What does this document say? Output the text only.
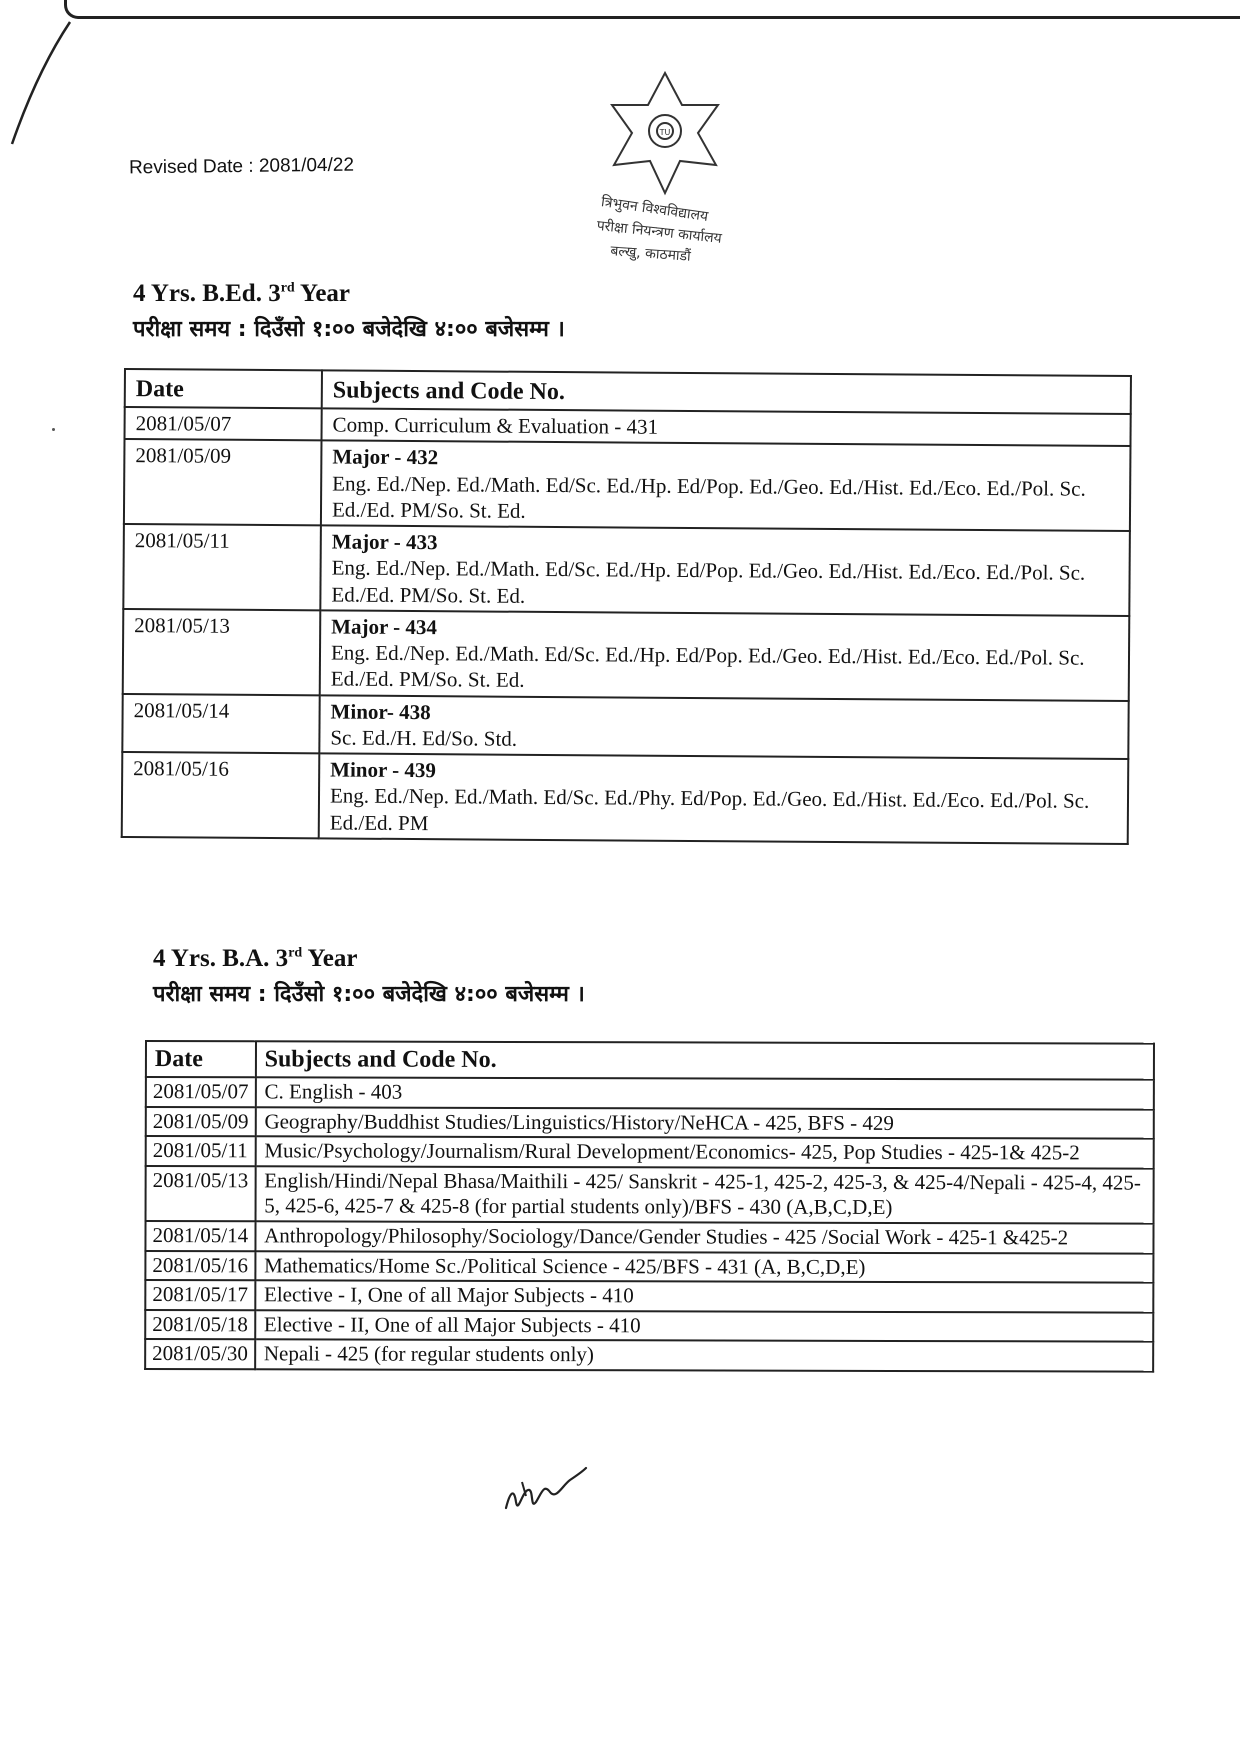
Revised Date : 2081/04/22
TU
त्रिभुवन विश्वविद्यालय
परीक्षा नियन्त्रण कार्यालय
बल्खु, काठमाडौं
4 Yrs. B.Ed. 3rd Year
परीक्षा समय : दिउँसो १:०० बजेदेखि ४:०० बजेसम्म ।
Date	Subjects and Code No.
2081/05/07	Comp. Curriculum & Evaluation - 431
2081/05/09	Major - 432
Eng. Ed./Nep. Ed./Math. Ed/Sc. Ed./Hp. Ed/Pop. Ed./Geo. Ed./Hist. Ed./Eco. Ed./Pol. Sc. Ed./Ed. PM/So. St. Ed.

2081/05/11	Major - 433
Eng. Ed./Nep. Ed./Math. Ed/Sc. Ed./Hp. Ed/Pop. Ed./Geo. Ed./Hist. Ed./Eco. Ed./Pol. Sc. Ed./Ed. PM/So. St. Ed.

2081/05/13	Major - 434
Eng. Ed./Nep. Ed./Math. Ed/Sc. Ed./Hp. Ed/Pop. Ed./Geo. Ed./Hist. Ed./Eco. Ed./Pol. Sc. Ed./Ed. PM/So. St. Ed.

2081/05/14	Minor- 438
Sc. Ed./H. Ed/So. Std.

2081/05/16	Minor - 439
Eng. Ed./Nep. Ed./Math. Ed/Sc. Ed./Phy. Ed/Pop. Ed./Geo. Ed./Hist. Ed./Eco. Ed./Pol. Sc. Ed./Ed. PM
4 Yrs. B.A. 3rd Year
परीक्षा समय : दिउँसो १:०० बजेदेखि ४:०० बजेसम्म ।
Date	Subjects and Code No.
2081/05/07	C. English - 403
2081/05/09	Geography/Buddhist Studies/Linguistics/History/NeHCA - 425, BFS - 429
2081/05/11	Music/Psychology/Journalism/Rural Development/Economics- 425, Pop Studies - 425-1& 425-2
2081/05/13	English/Hindi/Nepal Bhasa/Maithili - 425/ Sanskrit - 425-1, 425-2, 425-3, & 425-4/Nepali - 425-4, 425-5, 425-6, 425-7 & 425-8 (for partial students only)/BFS - 430 (A,B,C,D,E)
2081/05/14	Anthropology/Philosophy/Sociology/Dance/Gender Studies - 425 /Social Work - 425-1 &425-2
2081/05/16	Mathematics/Home Sc./Political Science - 425/BFS - 431 (A, B,C,D,E)
2081/05/17	Elective - I, One of all Major Subjects - 410
2081/05/18	Elective - II, One of all Major Subjects - 410
2081/05/30	Nepali - 425 (for regular students only)
